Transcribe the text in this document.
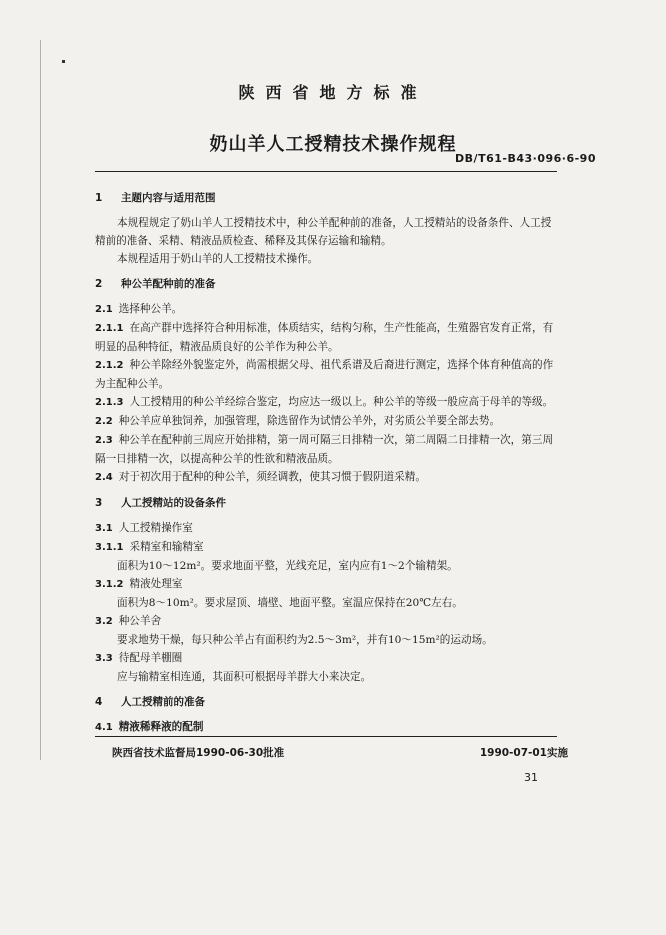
陕西省地方标准
奶山羊人工授精技术操作规程
DB/T61-B43·096·6-90
1 主题内容与适用范围
本规程规定了奶山羊人工授精技术中，种公羊配种前的准备，人工授精站的设备条件、人工授精前的准备、采精、精液品质检查、稀释及其保存运输和输精。
本规程适用于奶山羊的人工授精技术操作。
2 种公羊配种前的准备
2.1 选择种公羊。
2.1.1 在高产群中选择符合种用标准，体质结实，结构匀称，生产性能高，生殖器官发育正常，有明显的品种特征，精液品质良好的公羊作为种公羊。
2.1.2 种公羊除经外貌鉴定外，尚需根据父母、祖代系谱及后裔进行测定，选择个体育种值高的作为主配种公羊。
2.1.3 人工授精用的种公羊经综合鉴定，均应达一级以上。种公羊的等级一般应高于母羊的等级。
2.2 种公羊应单独饲养，加强管理，除选留作为试情公羊外，对劣质公羊要全部去势。
2.3 种公羊在配种前三周应开始排精，第一周可隔三日排精一次，第二周隔二日排精一次，第三周隔一日排精一次，以提高种公羊的性欲和精液品质。
2.4 对于初次用于配种的种公羊，须经调教，使其习惯于假阴道采精。
3 人工授精站的设备条件
3.1 人工授精操作室
3.1.1 采精室和输精室
面积为10～12m²。要求地面平整，光线充足，室内应有1～2个输精架。
3.1.2 精液处理室
面积为8～10m²。要求屋顶、墙壁、地面平整。室温应保持在20℃左右。
3.2 种公羊舍
要求地势干燥，每只种公羊占有面积约为2.5～3m²，并有10～15m²的运动场。
3.3 待配母羊棚圈
应与输精室相连通，其面积可根据母羊群大小来决定。
4 人工授精前的准备
4.1 精液稀释液的配制
陕西省技术监督局1990-06-30批准	1990-07-01实施
31
